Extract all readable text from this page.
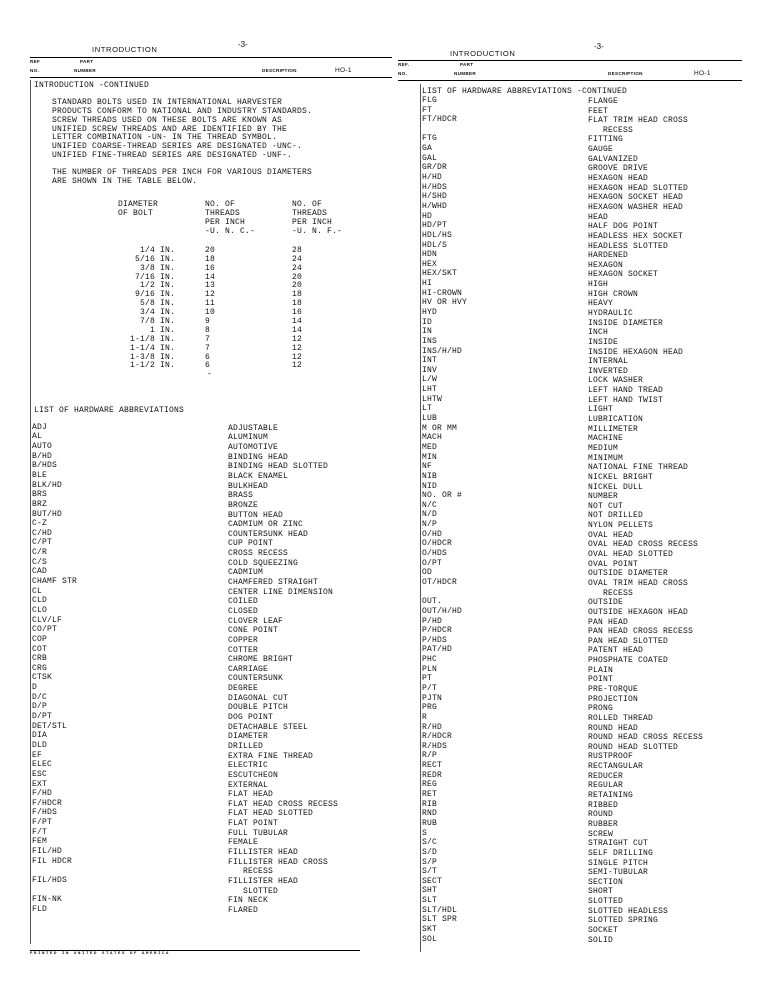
INTRODUCTION
-3-
REF
NO.
PART
NUMBER	DESCRIPTION	HO-1
INTRODUCTION -CONTINUED
STANDARD BOLTS USED IN INTERNATIONAL HARVESTER
PRODUCTS CONFORM TO NATIONAL AND INDUSTRY STANDARDS.
SCREW THREADS USED ON THESE BOLTS ARE KNOWN AS
UNIFIED SCREW THREADS AND ARE IDENTIFIED BY THE
LETTER COMBINATION -UN- IN THE THREAD SYMBOL.
UNIFIED COARSE-THREAD SERIES ARE DESIGNATED -UNC-.
UNIFIED FINE-THREAD SERIES ARE DESIGNATED -UNF-.
THE NUMBER OF THREADS PER INCH FOR VARIOUS DIAMETERS
ARE SHOWN IN THE TABLE BELOW.
DIAMETER
OF BOLT
NO. OF
THREADS
PER INCH
-U. N. C.-
NO. OF
THREADS
PER INCH
-U. N. F.-
1/4 IN.	20	28
5/16 IN.	18	24
3/8 IN.	16	24
7/16 IN.	14	20
1/2 IN.	13	20
9/16 IN.	12	18
5/8 IN.	11	18
3/4 IN.	10	16
7/8 IN.	9	14
1 IN.	8	14
1-1/8 IN.	7	12
1-1/4 IN.	7	12
1-3/8 IN.	6	12
1-1/2 IN.	6	12
-
LIST OF HARDWARE ABBREVIATIONS
ADJ	ADJUSTABLE
AL	ALUMINUM
AUTO	AUTOMOTIVE
B/HD	BINDING HEAD
B/HDS	BINDING HEAD SLOTTED
BLE	BLACK ENAMEL
BLK/HD	BULKHEAD
BRS	BRASS
BRZ	BRONZE
BUT/HD	BUTTON HEAD
C-Z	CADMIUM OR ZINC
C/HD	COUNTERSUNK HEAD
C/PT	CUP POINT
C/R	CROSS RECESS
C/S	COLD SQUEEZING
CAD	CADMIUM
CHAMF STR	CHAMFERED STRAIGHT
CL	CENTER LINE DIMENSION
CLD	COILED
CLO	CLOSED
CLV/LF	CLOVER LEAF
CO/PT	CONE POINT
COP	COPPER
COT	COTTER
CRB	CHROME BRIGHT
CRG	CARRIAGE
CTSK	COUNTERSUNK
D	DEGREE
D/C	DIAGONAL CUT
D/P	DOUBLE PITCH
D/PT	DOG POINT
DET/STL	DETACHABLE STEEL
DIA	DIAMETER
DLD	DRILLED
EF	EXTRA FINE THREAD
ELEC	ELECTRIC
ESC	ESCUTCHEON
EXT	EXTERNAL
F/HD	FLAT HEAD
F/HDCR	FLAT HEAD CROSS RECESS
F/HDS	FLAT HEAD SLOTTED
F/PT	FLAT POINT
F/T	FULL TUBULAR
FEM	FEMALE
FIL/HD	FILLISTER HEAD
FIL HDCR	FILLISTER HEAD CROSS
RECESS
FIL/HDS	FILLISTER HEAD
SLOTTED
FIN-NK	FIN NECK
FLD	FLARED
PRINTED IN UNITED STATES OF AMERICA
INTRODUCTION
-3-
REF.
NO.
PART
NUMBER	DESCRIPTION	HO-1
LIST OF HARDWARE ABBREVIATIONS -CONTINUED
FLG	FLANGE
FT	FEET
FT/HDCR	FLAT TRIM HEAD CROSS
RECESS
FTG	FITTING
GA	GAUGE
GAL	GALVANIZED
GR/DR	GROOVE DRIVE
H/HD	HEXAGON HEAD
H/HDS	HEXAGON HEAD SLOTTED
H/SHD	HEXAGON SOCKET HEAD
H/WHD	HEXAGON WASHER HEAD
HD	HEAD
HD/PT	HALF DOG POINT
HDL/HS	HEADLESS HEX SOCKET
HDL/S	HEADLESS SLOTTED
HDN	HARDENED
HEX	HEXAGON
HEX/SKT	HEXAGON SOCKET
HI	HIGH
HI-CROWN	HIGH CROWN
HV OR HVY	HEAVY
HYD	HYDRAULIC
ID	INSIDE DIAMETER
IN	INCH
INS	INSIDE
INS/H/HD	INSIDE HEXAGON HEAD
INT	INTERNAL
INV	INVERTED
L/W	LOCK WASHER
LHT	LEFT HAND TREAD
LHTW	LEFT HAND TWIST
LT	LIGHT
LUB	LUBRICATION
M OR MM	MILLIMETER
MACH	MACHINE
MED	MEDIUM
MIN	MINIMUM
NF	NATIONAL FINE THREAD
NIB	NICKEL BRIGHT
NID	NICKEL DULL
NO. OR #	NUMBER
N/C	NOT CUT
N/D	NOT DRILLED
N/P	NYLON PELLETS
O/HD	OVAL HEAD
O/HDCR	OVAL HEAD CROSS RECESS
O/HDS	OVAL HEAD SLOTTED
O/PT	OVAL POINT
OD	OUTSIDE DIAMETER
OT/HDCR	OVAL TRIM HEAD CROSS
RECESS
OUT.	OUTSIDE
OUT/H/HD	OUTSIDE HEXAGON HEAD
P/HD	PAN HEAD
P/HDCR	PAN HEAD CROSS RECESS
P/HDS	PAN HEAD SLOTTED
PAT/HD	PATENT HEAD
PHC	PHOSPHATE COATED
PLN	PLAIN
PT	POINT
P/T	PRE-TORQUE
PJTN	PROJECTION
PRG	PRONG
R	ROLLED THREAD
R/HD	ROUND HEAD
R/HDCR	ROUND HEAD CROSS RECESS
R/HDS	ROUND HEAD SLOTTED
R/P	RUSTPROOF
RECT	RECTANGULAR
REDR	REDUCER
REG	REGULAR
RET	RETAINING
RIB	RIBBED
RND	ROUND
RUB	RUBBER
S	SCREW
S/C	STRAIGHT CUT
S/D	SELF DRILLING
S/P	SINGLE PITCH
S/T	SEMI-TUBULAR
SECT	SECTION
SHT	SHORT
SLT	SLOTTED
SLT/HDL	SLOTTED HEADLESS
SLT SPR	SLOTTED SPRING
SKT	SOCKET
SOL	SOLID
